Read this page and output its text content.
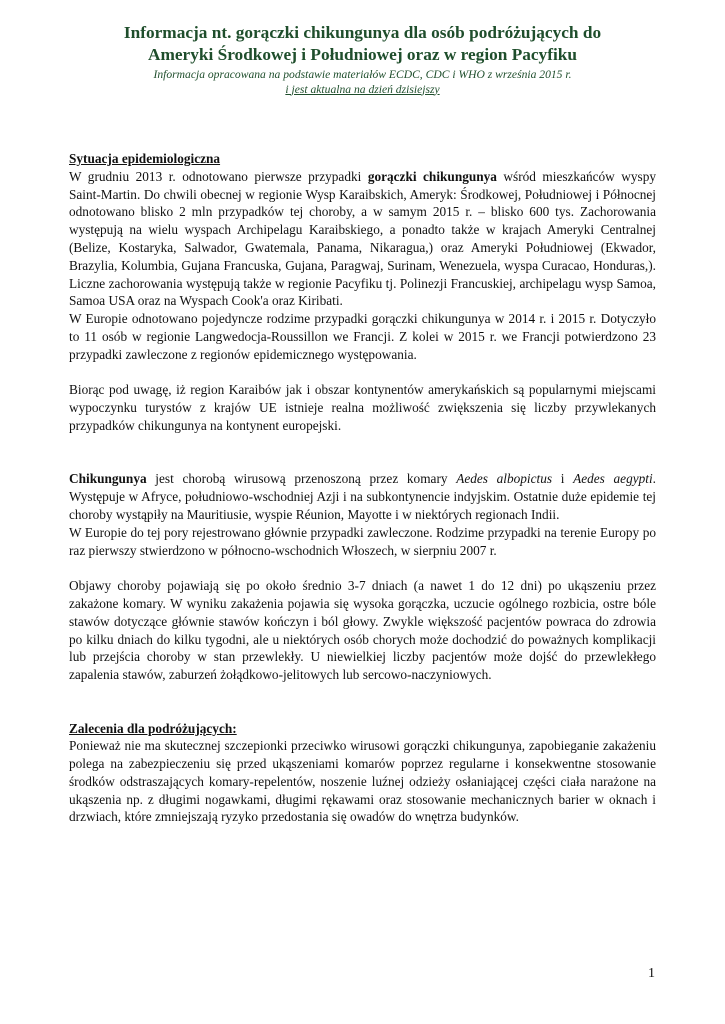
Informacja nt. gorączki chikungunya dla osób podróżujących do
Ameryki Środkowej i Południowej oraz w region Pacyfiku

Informacja opracowana na podstawie materiałów ECDC, CDC i WHO z września 2015 r.
i jest aktualna na dzień dzisiejszy

Sytuacja epidemiologiczna

W grudniu 2013 r. odnotowano pierwsze przypadki gorączki chikungunya wśród mieszkańców wyspy Saint-Martin. Do chwili obecnej w regionie Wysp Karaibskich, Ameryk: Środkowej, Południowej i Północnej odnotowano blisko 2 mln przypadków tej choroby, a w samym 2015 r. – blisko 600 tys. Zachorowania występują na wielu wyspach Archipelagu Karaibskiego, a ponadto także w krajach Ameryki Centralnej (Belize, Kostaryka, Salwador, Gwatemala, Panama, Nikaragua,) oraz Ameryki Południowej (Ekwador, Brazylia, Kolumbia, Gujana Francuska, Gujana, Paragwaj, Surinam, Wenezuela, wyspa Curacao, Honduras,). Liczne zachorowania występują także w regionie Pacyfiku tj. Polinezji Francuskiej, archipelagu wysp Samoa, Samoa USA oraz na Wyspach Cook'a oraz Kiribati.

W Europie odnotowano pojedyncze rodzime przypadki gorączki chikungunya w 2014 r. i 2015 r. Dotyczyło to 11 osób w regionie Langwedocja-Roussillon we Francji. Z kolei w 2015 r. we Francji potwierdzono 23 przypadki zawleczone z regionów epidemicznego występowania.

Biorąc pod uwagę, iż region Karaibów jak i obszar kontynentów amerykańskich są popularnymi miejscami wypoczynku turystów z krajów UE istnieje realna możliwość zwiększenia się liczby przywlekanych przypadków chikungunya na kontynent europejski.

Chikungunya jest chorobą wirusową przenoszoną przez komary Aedes albopictus i Aedes aegypti. Występuje w Afryce, południowo-wschodniej Azji i na subkontynencie indyjskim. Ostatnie duże epidemie tej choroby wystąpiły na Mauritiusie, wyspie Réunion, Mayotte i w niektórych regionach Indii.

W Europie do tej pory rejestrowano głównie przypadki zawleczone. Rodzime przypadki na terenie Europy po raz pierwszy stwierdzono w północno-wschodnich Włoszech, w sierpniu 2007 r.

Objawy choroby pojawiają się po około średnio 3-7 dniach (a nawet 1 do 12 dni) po ukąszeniu przez zakażone komary. W wyniku zakażenia pojawia się wysoka gorączka, uczucie ogólnego rozbicia, ostre bóle stawów dotyczące głównie stawów kończyn i ból głowy. Zwykle większość pacjentów powraca do zdrowia po kilku dniach do kilku tygodni, ale u niektórych osób chorych może dochodzić do poważnych komplikacji lub przejścia choroby w stan przewlekły. U niewielkiej liczby pacjentów może dojść do przewlekłego zapalenia stawów, zaburzeń żołądkowo-jelitowych lub sercowo-naczyniowych.

Zalecenia dla podróżujących:

Ponieważ nie ma skutecznej szczepionki przeciwko wirusowi gorączki chikungunya, zapobieganie zakażeniu polega na zabezpieczeniu się przed ukąszeniami komarów poprzez regularne i konsekwentne stosowanie środków odstraszających komary-repelentów, noszenie luźnej odzieży osłaniającej części ciała narażone na ukąszenia np. z długimi nogawkami, długimi rękawami oraz stosowanie mechanicznych barier w oknach i drzwiach, które zmniejszają ryzyko przedostania się owadów do wnętrza budynków.

1
